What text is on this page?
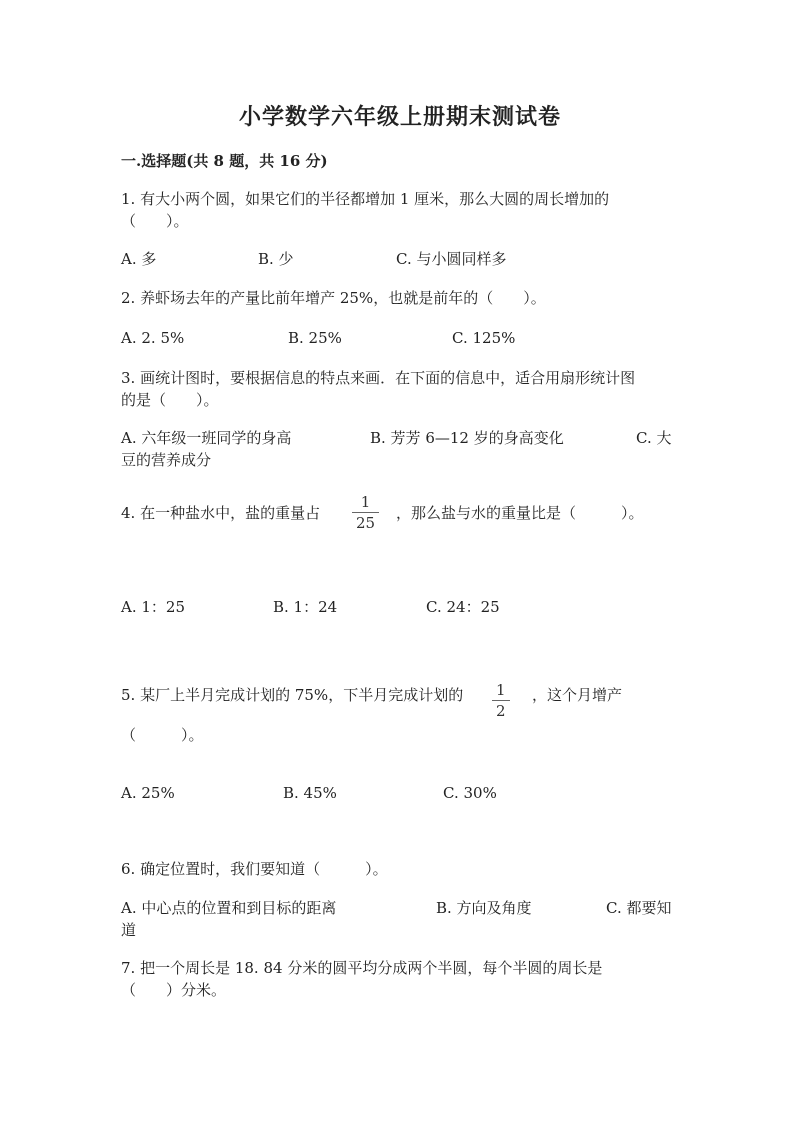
小学数学六年级上册期末测试卷
一.选择题(共 8 题，共 16 分)
1. 有大小两个圆，如果它们的半径都增加 1 厘米，那么大圆的周长增加的
（　　）。
A. 多	B. 少	C. 与小圆同样多
2. 养虾场去年的产量比前年增产 25%，也就是前年的（　　）。
A. 2. 5%	B. 25%	C. 125%
3. 画统计图时，要根据信息的特点来画．在下面的信息中，适合用扇形统计图
的是（　　）。
A. 六年级一班同学的身高	B. 芳芳 6—12 岁的身高变化	C. 大
豆的营养成分
4. 在一种盐水中，盐的重量占
1
25
，那么盐与水的重量比是（　　　）。
A. 1：25	B. 1：24	C. 24：25
5. 某厂上半月完成计划的 75%，下半月完成计划的 1
2
，这个月增产
（　　　）。
A. 25%	B. 45%	C. 30%
6. 确定位置时，我们要知道（　　　）。
A. 中心点的位置和到目标的距离	B. 方向及角度	C. 都要知
道
7. 把一个周长是 18. 84 分米的圆平均分成两个半圆，每个半圆的周长是
（　　）分米。
